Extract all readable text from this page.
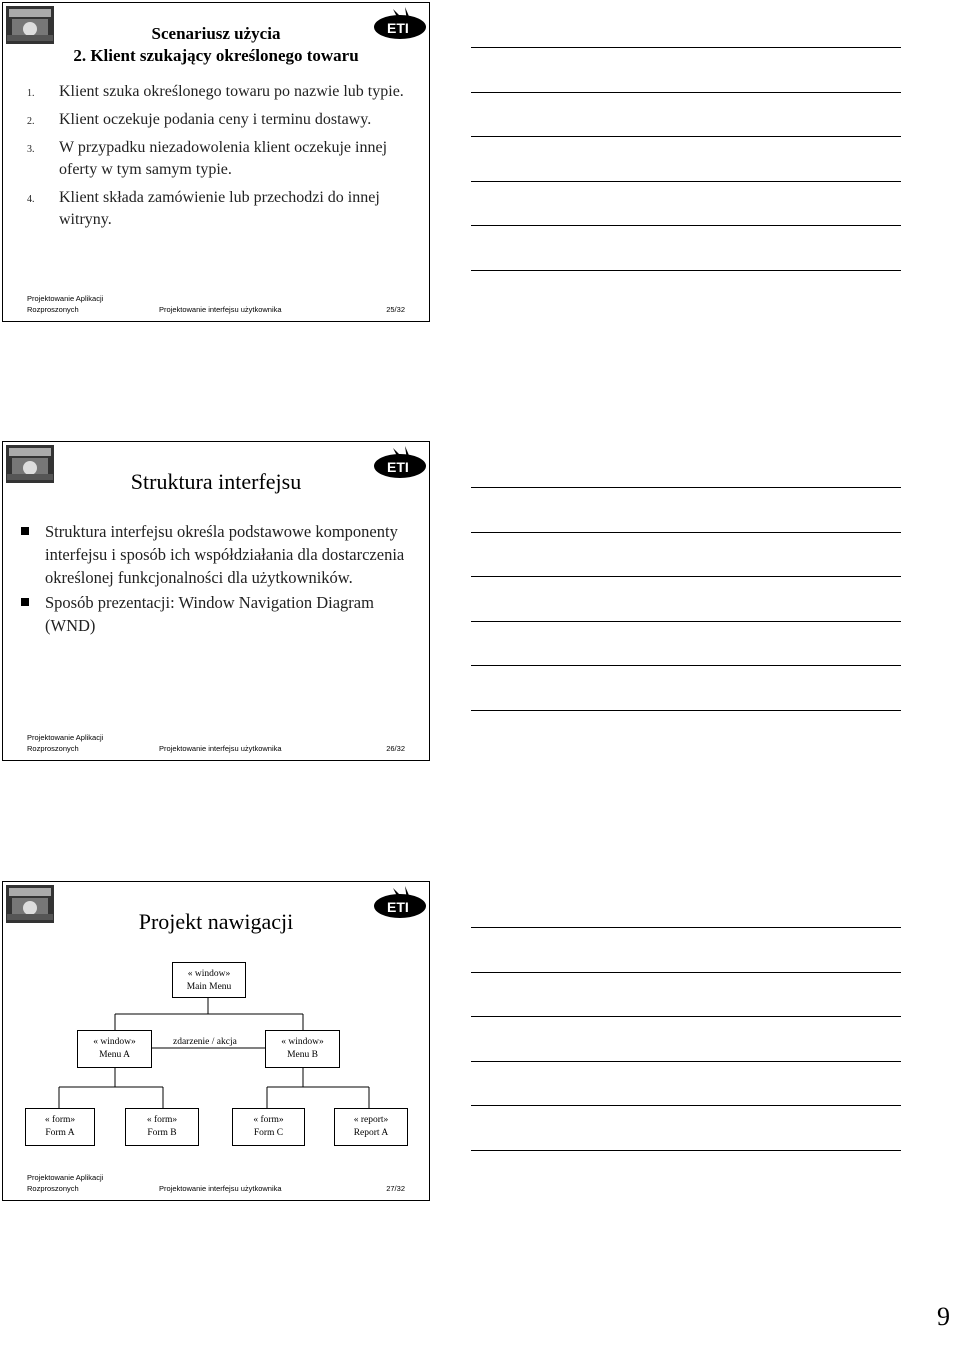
ETI
Scenariusz użycia
2. Klient szukający określonego towaru
1. Klient szuka określonego towaru po nazwie lub typie.
2. Klient oczekuje podania ceny i terminu dostawy.
3. W przypadku niezadowolenia klient oczekuje innej oferty w tym samym typie.
4. Klient składa zamówienie lub przechodzi do innej witryny.
Projektowanie Aplikacji
Rozproszonych	Projektowanie interfejsu użytkownika	25/32
ETI
Struktura interfejsu
Struktura interfejsu określa podstawowe komponenty interfejsu i sposób ich współdziałania dla dostarczenia określonej funkcjonalności dla użytkowników.
Sposób prezentacji: Window Navigation Diagram (WND)
Projektowanie Aplikacji
Rozproszonych	Projektowanie interfejsu użytkownika	26/32
ETI
Projekt nawigacji
« window»
Main Menu
« window»
Menu A
zdarzenie / akcja	« window»
Menu B
« form»
Form A
« form»
Form B
« form»
Form C
« report»
Report A
Projektowanie Aplikacji
Rozproszonych	Projektowanie interfejsu użytkownika	27/32
9
